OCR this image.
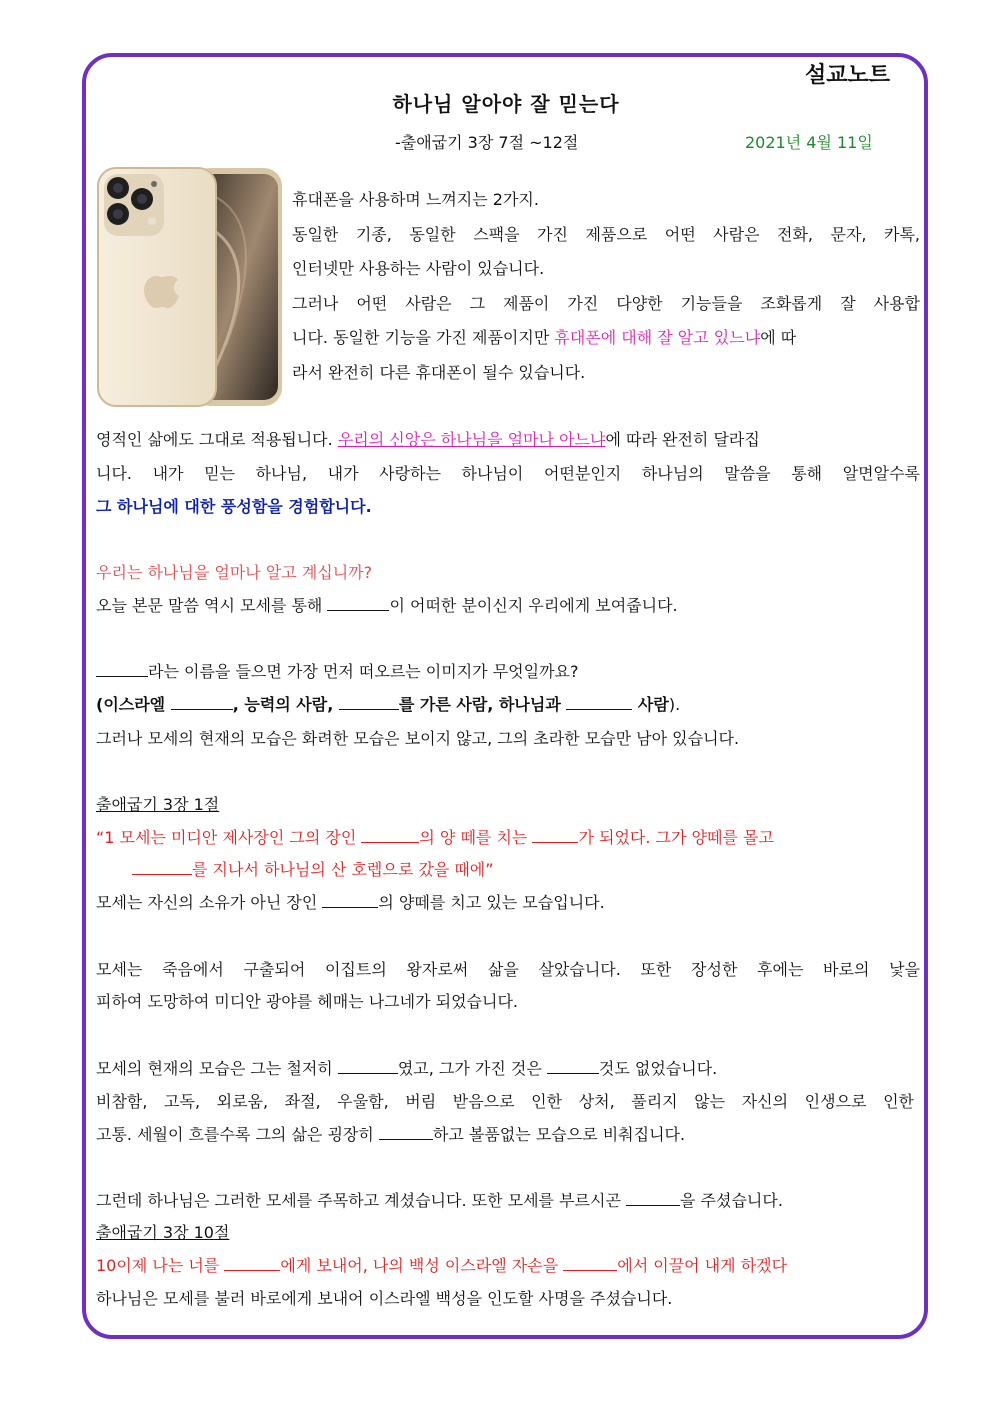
설교노트
하나님 알아야 잘 믿는다
-출애굽기 3장 7절 ~12절	2021년 4월 11일
휴대폰을 사용하며 느껴지는 2가지.
동일한 기종, 동일한 스팩을 가진 제품으로 어떤 사람은 전화, 문자, 카톡,
인터넷만 사용하는 사람이 있습니다.
그러나 어떤 사람은 그 제품이 가진 다양한 기능들을 조화롭게 잘 사용합
니다. 동일한 기능을 가진 제품이지만 휴대폰에 대해 잘 알고 있느냐에 따
라서 완전히 다른 휴대폰이 될수 있습니다.
영적인 삶에도 그대로 적용됩니다. 우리의 신앙은 하나님을 얼마나 아느냐에 따라 완전히 달라집
니다. 내가 믿는 하나님, 내가 사랑하는 하나님이 어떤분인지 하나님의 말씀을 통해 알면알수록
그 하나님에 대한 풍성함을 경험합니다.
우리는 하나님을 얼마나 알고 계십니까?
오늘 본문 말씀 역시 모세를 통해	이 어떠한 분이신지 우리에게 보여줍니다.
라는 이름을 들으면 가장 먼저 떠오르는 이미지가 무엇일까요?
(이스라엘	, 능력의 사람,	를 가른 사람, 하나님과	사람).
그러나 모세의 현재의 모습은 화려한 모습은 보이지 않고, 그의 초라한 모습만 남아 있습니다.
출애굽기 3장 1절
“1 모세는 미디안 제사장인 그의 장인	의 양 떼를 치는	가 되었다. 그가 양떼를 몰고
를 지나서 하나님의 산 호렙으로 갔을 때에”
모세는 자신의 소유가 아닌 장인	의 양떼를 치고 있는 모습입니다.
모세는 죽음에서 구출되어 이집트의 왕자로써 삶을 살았습니다. 또한 장성한 후에는 바로의 낯을
피하여 도망하여 미디안 광야를 헤매는 나그네가 되었습니다.
모세의 현재의 모습은 그는 철저히	였고, 그가 가진 것은	것도 없었습니다.
비참함, 고독, 외로움, 좌절, 우울함, 버림 받음으로 인한 상처, 풀리지 않는 자신의 인생으로 인한
고통. 세월이 흐를수록 그의 삶은 굉장히	하고 볼품없는 모습으로 비춰집니다.
그런데 하나님은 그러한 모세를 주목하고 계셨습니다. 또한 모세를 부르시곤	을 주셨습니다.
출애굽기 3장 10절
10이제 나는 너를	에게 보내어, 나의 백성 이스라엘 자손을	에서 이끌어 내게 하겠다
하나님은 모세를 불러 바로에게 보내어 이스라엘 백성을 인도할 사명을 주셨습니다.
